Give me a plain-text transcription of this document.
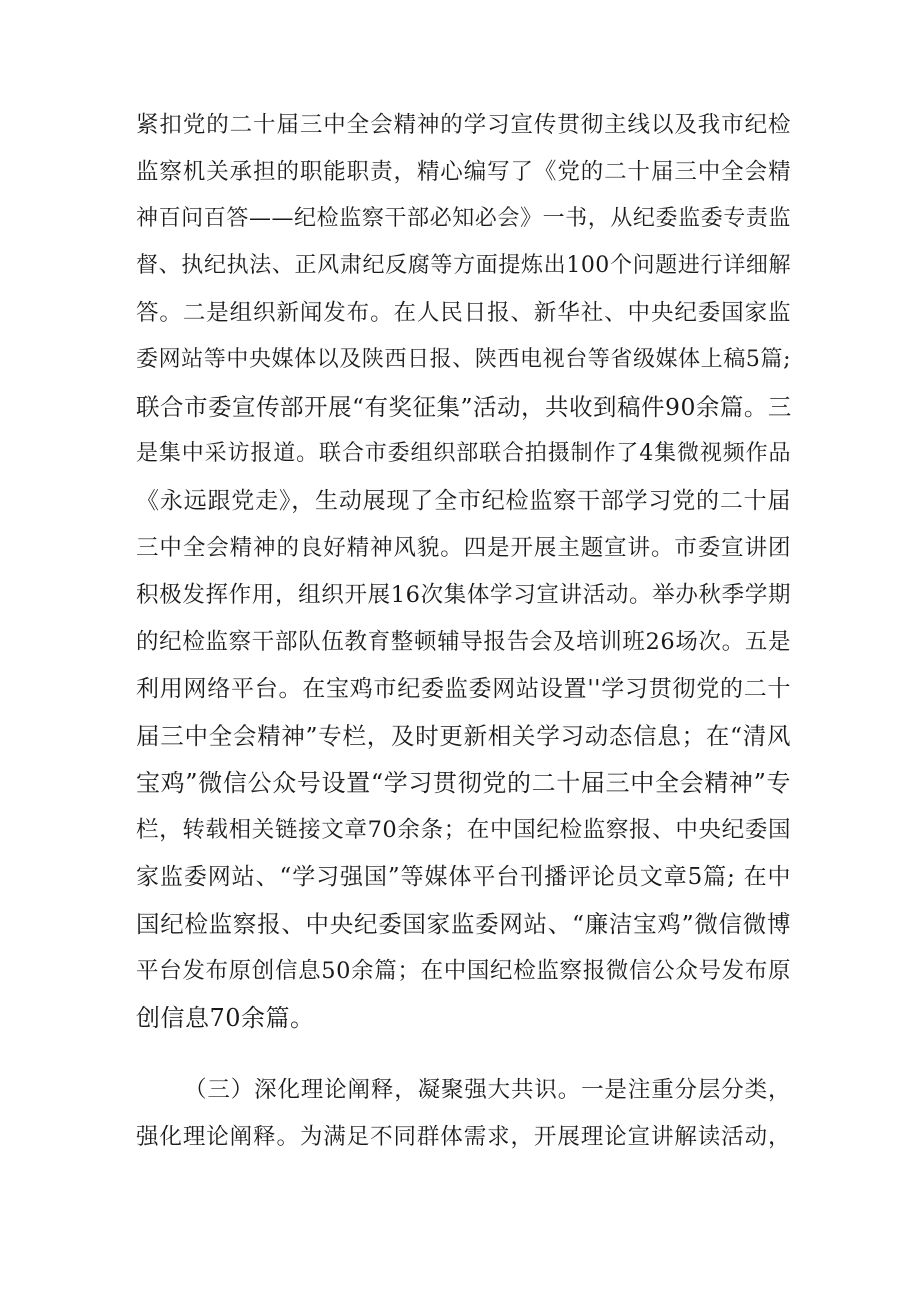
紧扣党的二十届三中全会精神的学习宣传贯彻主线以及我市纪检
监察机关承担的职能职责，精心编写了《党的二十届三中全会精
神百问百答——纪检监察干部必知必会》一书，从纪委监委专责监
督、执纪执法、正风肃纪反腐等方面提炼出100个问题进行详细解
答。二是组织新闻发布。在人民日报、新华社、中央纪委国家监
委网站等中央媒体以及陕西日报、陕西电视台等省级媒体上稿5篇;
联合市委宣传部开展“有奖征集”活动，共收到稿件90余篇。三
是集中采访报道。联合市委组织部联合拍摄制作了4集微视频作品
《永远跟党走》，生动展现了全市纪检监察干部学习党的二十届
三中全会精神的良好精神风貌。四是开展主题宣讲。市委宣讲团
积极发挥作用，组织开展16次集体学习宣讲活动。举办秋季学期
的纪检监察干部队伍教育整顿辅导报告会及培训班26场次。五是
利用网络平台。在宝鸡市纪委监委网站设置''学习贯彻党的二十
届三中全会精神”专栏，及时更新相关学习动态信息；在“清风
宝鸡”微信公众号设置“学习贯彻党的二十届三中全会精神”专
栏，转载相关链接文章70余条；在中国纪检监察报、中央纪委国
家监委网站、“学习强国”等媒体平台刊播评论员文章5篇; 在中
国纪检监察报、中央纪委国家监委网站、“廉洁宝鸡”微信微博
平台发布原创信息50余篇；在中国纪检监察报微信公众号发布原
创信息70余篇。
（三）深化理论阐释，凝聚强大共识。一是注重分层分类，
强化理论阐释。为满足不同群体需求，开展理论宣讲解读活动，
